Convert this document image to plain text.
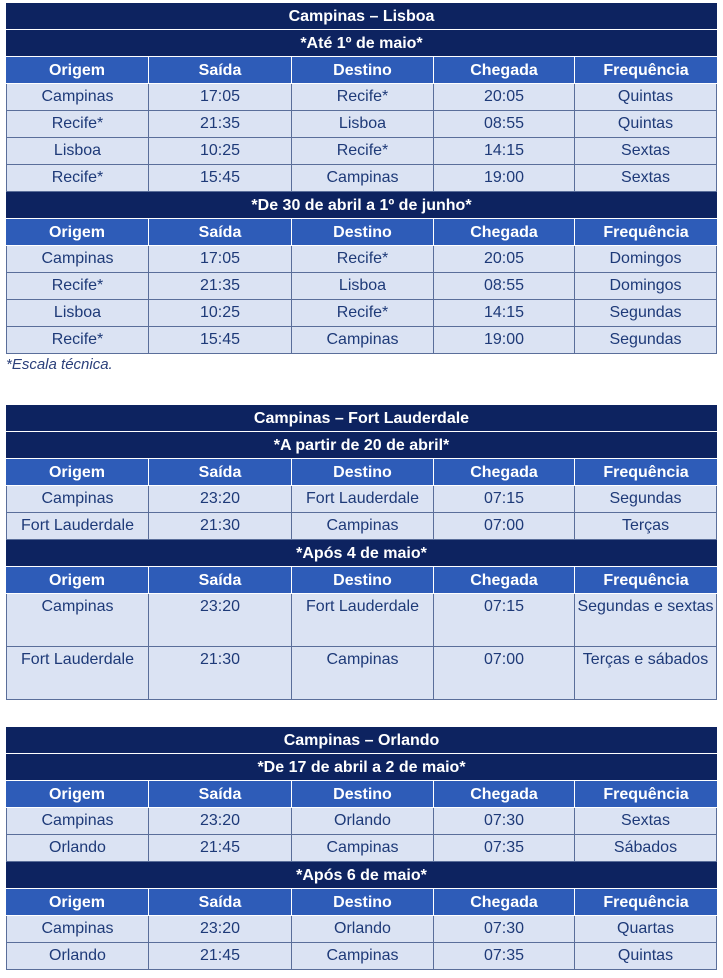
Campinas – Lisboa
*Até 1º de maio*
Origem	Saída	Destino	Chegada	Frequência
Campinas	17:05	Recife*	20:05	Quintas
Recife*	21:35	Lisboa	08:55	Quintas
Lisboa	10:25	Recife*	14:15	Sextas
Recife*	15:45	Campinas	19:00	Sextas
*De 30 de abril a 1º de junho*
Origem	Saída	Destino	Chegada	Frequência
Campinas	17:05	Recife*	20:05	Domingos
Recife*	21:35	Lisboa	08:55	Domingos
Lisboa	10:25	Recife*	14:15	Segundas
Recife*	15:45	Campinas	19:00	Segundas
*Escala técnica.
Campinas – Fort Lauderdale
*A partir de 20 de abril*
Origem	Saída	Destino	Chegada	Frequência
Campinas	23:20	Fort Lauderdale	07:15	Segundas
Fort Lauderdale	21:30	Campinas	07:00	Terças
*Após 4 de maio*
Origem	Saída	Destino	Chegada	Frequência
Campinas	23:20	Fort Lauderdale	07:15	Segundas e sextas
Fort Lauderdale	21:30	Campinas	07:00	Terças e sábados
Campinas – Orlando
*De 17 de abril a 2 de maio*
Origem	Saída	Destino	Chegada	Frequência
Campinas	23:20	Orlando	07:30	Sextas
Orlando	21:45	Campinas	07:35	Sábados
*Após 6 de maio*
Origem	Saída	Destino	Chegada	Frequência
Campinas	23:20	Orlando	07:30	Quartas
Orlando	21:45	Campinas	07:35	Quintas
